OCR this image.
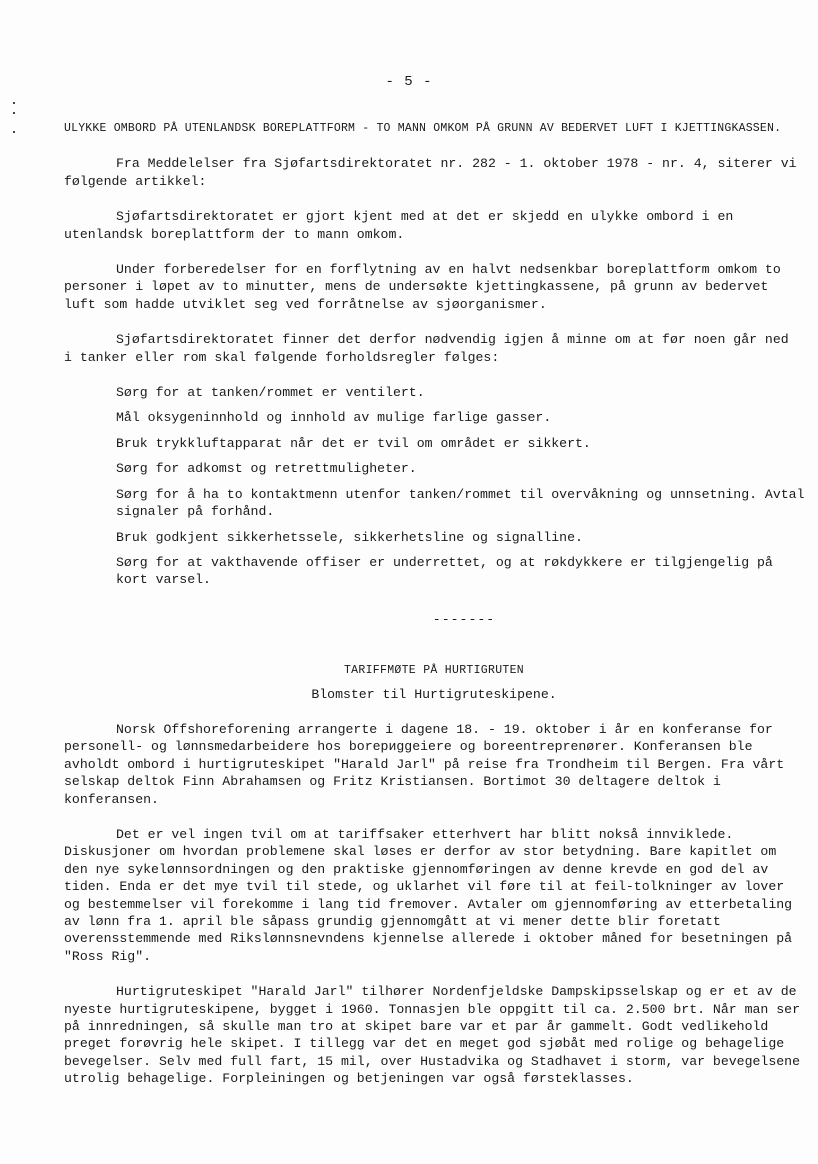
- 5 -

ULYKKE OMBORD PÅ UTENLANDSK BOREPLATTFORM - TO MANN OMKOM PÅ GRUNN AV BEDERVET LUFT I KJETTINGKASSEN.

Fra Meddelelser fra Sjøfartsdirektoratet nr. 282 - 1. oktober 1978 - nr. 4, siterer vi følgende artikkel:

Sjøfartsdirektoratet er gjort kjent med at det er skjedd en ulykke ombord i en utenlandsk boreplattform der to mann omkom.

Under forberedelser for en forflytning av en halvt nedsenkbar boreplattform omkom to personer i løpet av to minutter, mens de undersøkte kjettingkassene, på grunn av bedervet luft som hadde utviklet seg ved forråtnelse av sjøorganismer.

Sjøfartsdirektoratet finner det derfor nødvendig igjen å minne om at før noen går ned i tanker eller rom skal følgende forholdsregler følges:

Sørg for at tanken/rommet er ventilert.

Mål oksygeninnhold og innhold av mulige farlige gasser.

Bruk trykkluftapparat når det er tvil om området er sikkert.

Sørg for adkomst og retrettmuligheter.

Sørg for å ha to kontaktmenn utenfor tanken/rommet til overvåkning og unnsetning. Avtal signaler på forhånd.

Bruk godkjent sikkerhetssele, sikkerhetsline og signalline.

Sørg for at vakthavende offiser er underrettet, og at røkdykkere er tilgjengelig på kort varsel.

-------

TARIFFMØTE PÅ HURTIGRUTEN

Blomster til Hurtigruteskipene.

Norsk Offshoreforening arrangerte i dagene 18. - 19. oktober i år en konferanse for personell- og lønnsmedarbeidere hos borериggeiere og boreentreprenører. Konferansen ble avholdt ombord i hurtigruteskipet "Harald Jarl" på reise fra Trondheim til Bergen. Fra vårt selskap deltok Finn Abrahamsen og Fritz Kristiansen. Bortimot 30 deltagere deltok i konferansen.

Det er vel ingen tvil om at tariffsaker etterhvert har blitt nokså innviklede. Diskusjoner om hvordan problemene skal løses er derfor av stor betydning. Bare kapitlet om den nye sykelønnsordningen og den praktiske gjennomføringen av denne krevde en god del av tiden. Enda er det mye tvil til stede, og uklarhet vil føre til at feil-tolkninger av lover og bestemmelser vil forekomme i lang tid fremover. Avtaler om gjennomføring av etterbetaling av lønn fra 1. april ble såpass grundig gjennomgått at vi mener dette blir foretatt overensstemmende med Rikslønnsnevndens kjennelse allerede i oktober måned for besetningen på "Ross Rig".

Hurtigruteskipet "Harald Jarl" tilhører Nordenfjeldske Dampskipsselskap og er et av de nyeste hurtigruteskipene, bygget i 1960. Tonnasjen ble oppgitt til ca. 2.500 brt. Når man ser på innredningen, så skulle man tro at skipet bare var et par år gammelt. Godt vedlikehold preget forøvrig hele skipet. I tillegg var det en meget god sjøbåt med rolige og behagelige bevegelser. Selv med full fart, 15 mil, over Hustadvika og Stadhavet i storm, var bevegelsene utrolig behagelige. Forpleiningen og betjeningen var også førsteklasses.
